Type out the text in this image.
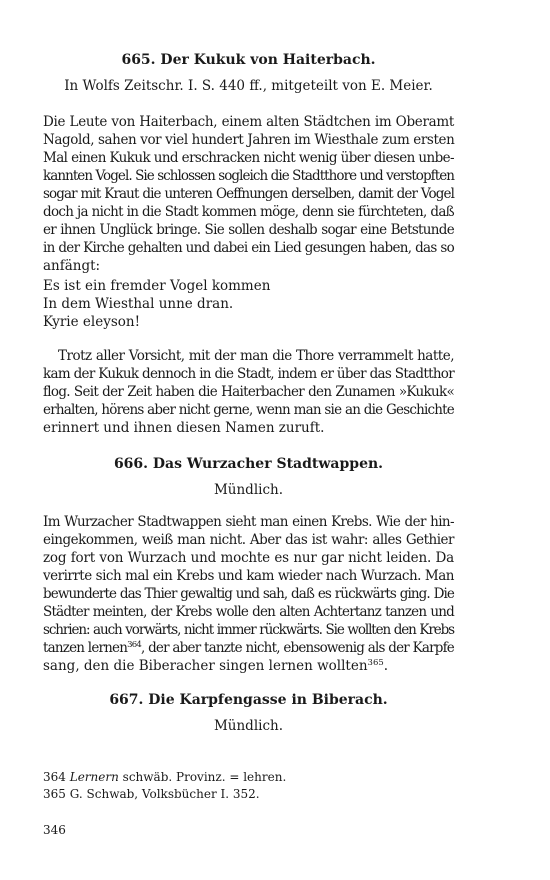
665. Der Kukuk von Haiterbach.

In Wolfs Zeitschr. I. S. 440 ff., mitgeteilt von E. Meier.

Die Leute von Haiterbach, einem alten Städtchen im Oberamt
Nagold, sahen vor viel hundert Jahren im Wiesthale zum ersten
Mal einen Kukuk und erschracken nicht wenig über diesen unbe-
kannten Vogel. Sie schlossen sogleich die Stadtthore und verstopften
sogar mit Kraut die unteren Oeffnungen derselben, damit der Vogel
doch ja nicht in die Stadt kommen möge, denn sie fürchteten, daß
er ihnen Unglück bringe. Sie sollen deshalb sogar eine Betstunde
in der Kirche gehalten und dabei ein Lied gesungen haben, das so
anfängt:
Es ist ein fremder Vogel kommen
In dem Wiesthal unne dran.
Kyrie eleyson!
Trotz aller Vorsicht, mit der man die Thore verrammelt hatte,
kam der Kukuk dennoch in die Stadt, indem er über das Stadtthor
flog. Seit der Zeit haben die Haiterbacher den Zunamen »Kukuk«
erhalten, hörens aber nicht gerne, wenn man sie an die Geschichte
erinnert und ihnen diesen Namen zuruft.
666. Das Wurzacher Stadtwappen.

Mündlich.

Im Wurzacher Stadtwappen sieht man einen Krebs. Wie der hin-
eingekommen, weiß man nicht. Aber das ist wahr: alles Gethier
zog fort von Wurzach und mochte es nur gar nicht leiden. Da
verirrte sich mal ein Krebs und kam wieder nach Wurzach. Man
bewunderte das Thier gewaltig und sah, daß es rückwärts ging. Die
Städter meinten, der Krebs wolle den alten Achtertanz tanzen und
schrien: auch vorwärts, nicht immer rückwärts. Sie wollten den Krebs
tanzen lernen$^{364}$, der aber tanzte nicht, ebensowenig als der Karpfe
sang, den die Biberacher singen lernen wollten$^{365}$.
667. Die Karpfengasse in Biberach.

Mündlich.

364 Lernern schwäb. Provinz. = lehren.
365 G. Schwab, Volksbücher I. 352.
346
